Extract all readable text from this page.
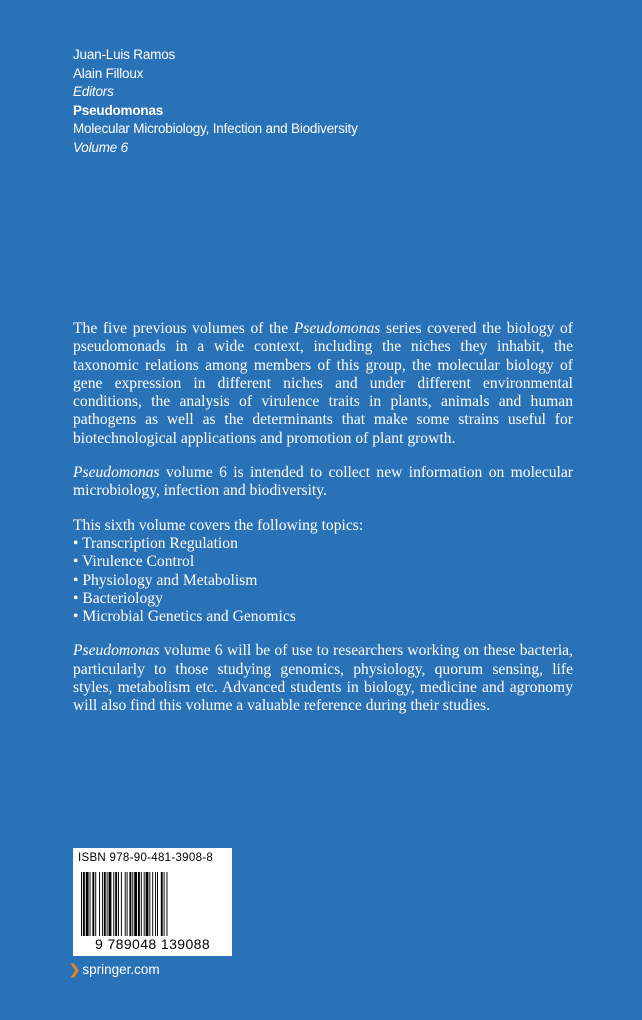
Juan-Luis Ramos
Alain Filloux
Editors
Pseudomonas
Molecular Microbiology, Infection and Biodiversity
Volume 6

The five previous volumes of the Pseudomonas series covered the biology of pseudomonads in a wide context, including the niches they inhabit, the taxonomic relations among members of this group, the molecular biology of gene expression in different niches and under different environmental conditions, the analysis of virulence traits in plants, animals and human pathogens as well as the determinants that make some strains useful for biotechnological applications and promotion of plant growth.

Pseudomonas volume 6 is intended to collect new information on molecular microbiology, infection and biodiversity.

This sixth volume covers the following topics:
• Transcription Regulation
• Virulence Control
• Physiology and Metabolism
• Bacteriology
• Microbial Genetics and Genomics

Pseudomonas volume 6 will be of use to researchers working on these bacteria, particularly to those studying genomics, physiology, quorum sensing, life styles, metabolism etc. Advanced students in biology, medicine and agronomy will also find this volume a valuable reference during their studies.

ISBN 978-90-481-3908-8
9 789048 139088
❯ springer.com
